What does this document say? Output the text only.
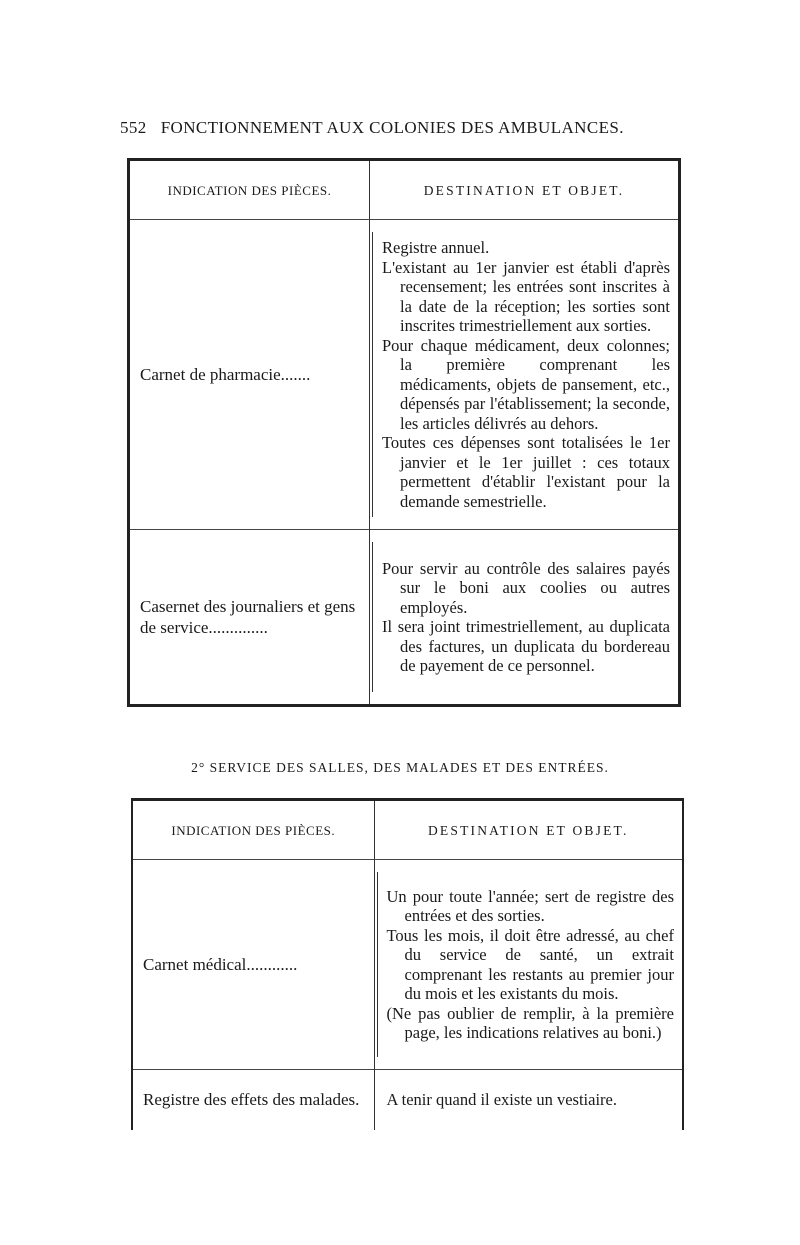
552 FONCTIONNEMENT AUX COLONIES DES AMBULANCES.
INDICATION DES PIÈCES.	DESTINATION ET OBJET.
Carnet de pharmacie.......	Registre annuel.
L'existant au 1er janvier est établi d'après recensement; les entrées sont inscrites à la date de la réception; les sorties sont inscrites trimestriellement aux sorties.
Pour chaque médicament, deux colonnes; la première comprenant les médicaments, objets de pansement, etc., dépensés par l'établissement; la seconde, les articles délivrés au dehors.
Toutes ces dépenses sont totalisées le 1er janvier et le 1er juillet : ces totaux permettent d'établir l'existant pour la demande semestrielle.

Casernet des journaliers et gens de service..............	Pour servir au contrôle des salaires payés sur le boni aux coolies ou autres employés.
Il sera joint trimestriellement, au duplicata des factures, un duplicata du bordereau de payement de ce personnel.
2° SERVICE DES SALLES, DES MALADES ET DES ENTRÉES.
INDICATION DES PIÈCES.	DESTINATION ET OBJET.
Carnet médical............	Un pour toute l'année; sert de registre des entrées et des sorties.
Tous les mois, il doit être adressé, au chef du service de santé, un extrait comprenant les restants au premier jour du mois et les existants du mois.
(Ne pas oublier de remplir, à la première page, les indications relatives au boni.)

Registre des effets des malades.	A tenir quand il existe un vestiaire.
